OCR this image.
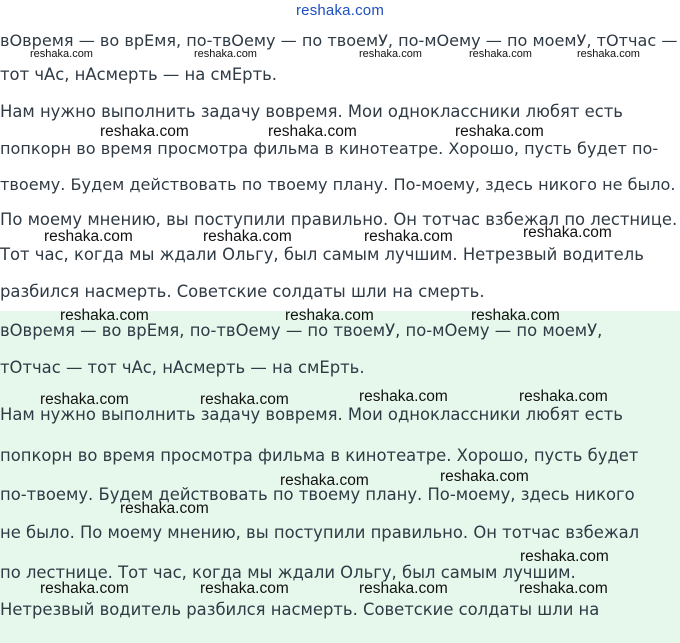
reshaka.com

вОвремя — во врЕмя, по-твОему — по твоемУ, по-мОему — по моемУ, тОтчас —

тот чАс, нАсмерть — на смЕрть.

Нам нужно выполнить задачу вовремя. Мои одноклассники любят есть

попкорн во время просмотра фильма в кинотеатре. Хорошо, пусть будет по-

твоему. Будем действовать по твоему плану. По-моему, здесь никого не было.

По моему мнению, вы поступили правильно. Он тотчас взбежал по лестнице.

Тот час, когда мы ждали Ольгу, был самым лучшим. Нетрезвый водитель

разбился насмерть. Советские солдаты шли на смерть.

вОвремя — во врЕмя, по-твОему — по твоемУ, по-мОему — по моемУ,

тОтчас — тот чАс, нАсмерть — на смЕрть.

Нам нужно выполнить задачу вовремя. Мои одноклассники любят есть

попкорн во время просмотра фильма в кинотеатре. Хорошо, пусть будет

по-твоему. Будем действовать по твоему плану. По-моему, здесь никого

не было. По моему мнению, вы поступили правильно. Он тотчас взбежал

по лестнице. Тот час, когда мы ждали Ольгу, был самым лучшим.

Нетрезвый водитель разбился насмерть. Советские солдаты шли на

reshaka.com	reshaka.com	reshaka.com	reshaka.com	reshaka.com
reshaka.com	reshaka.com	reshaka.com
reshaka.com	reshaka.com	reshaka.com	reshaka.com
reshaka.com	reshaka.com	reshaka.com
reshaka.com	reshaka.com	reshaka.com	reshaka.com
reshaka.com
reshaka.com
reshaka.com
reshaka.com
reshaka.com	reshaka.com	reshaka.com	reshaka.com
